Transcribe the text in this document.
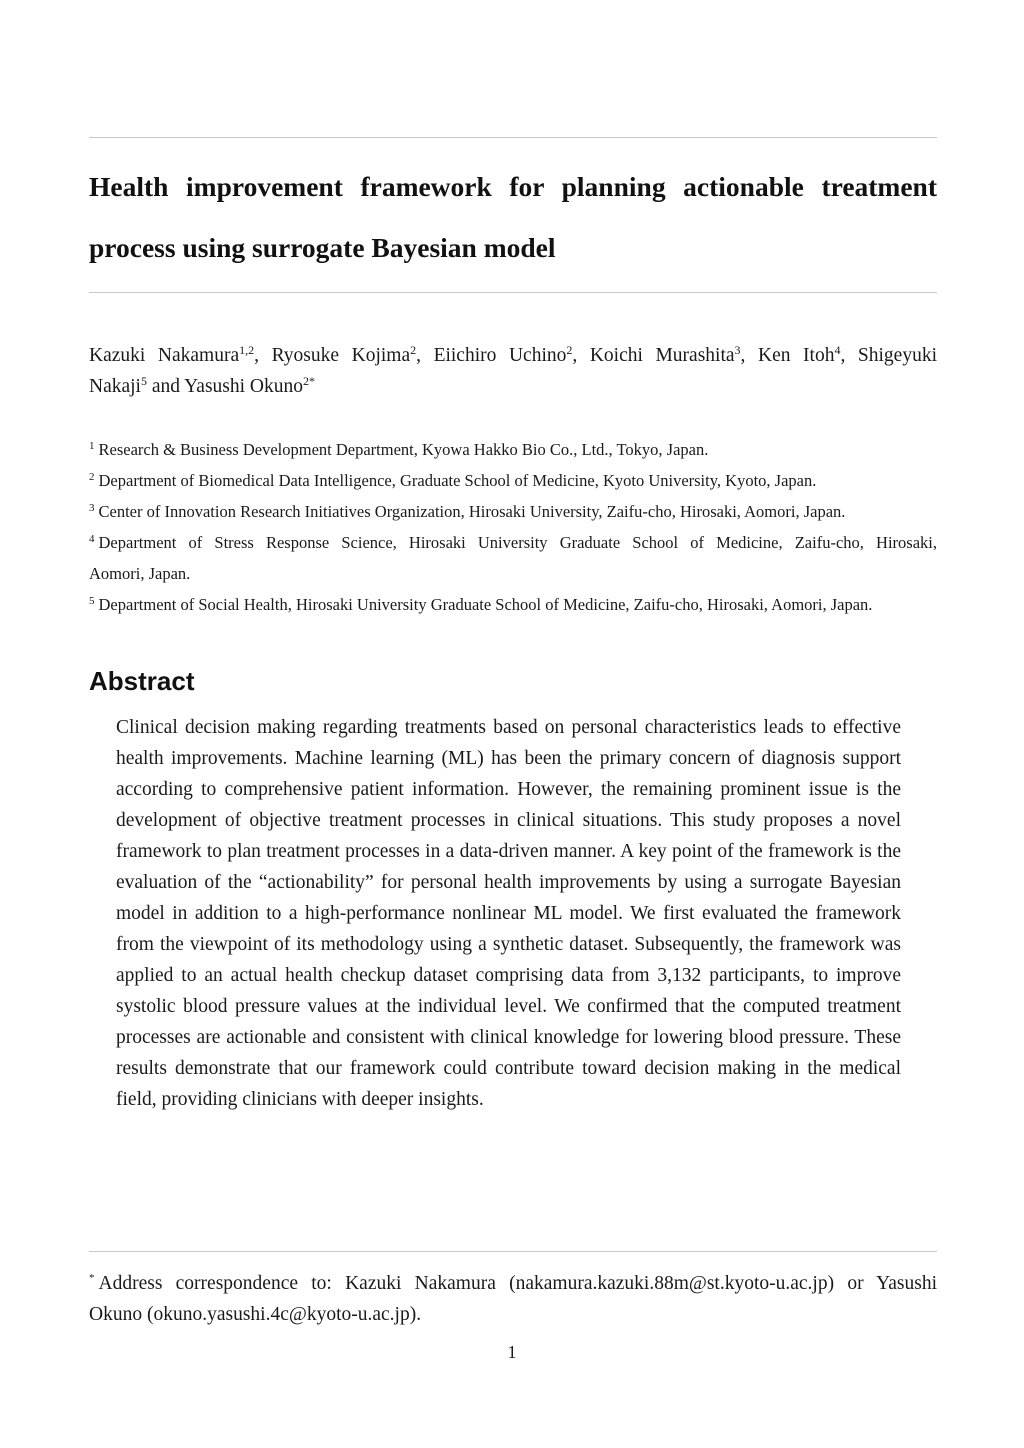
Health improvement framework for planning actionable treatment
process using surrogate Bayesian model
Kazuki Nakamura$^{1,2}$, Ryosuke Kojima$^2$, Eiichiro Uchino$^2$, Koichi Murashita$^3$, Ken Itoh$^4$, Shigeyuki
Nakaji$^5$ and Yasushi Okuno$^{2*}$
$^1$ Research & Business Development Department, Kyowa Hakko Bio Co., Ltd., Tokyo, Japan.
$^2$ Department of Biomedical Data Intelligence, Graduate School of Medicine, Kyoto University, Kyoto, Japan.
$^3$ Center of Innovation Research Initiatives Organization, Hirosaki University, Zaifu-cho, Hirosaki, Aomori, Japan.
$^4$ Department of Stress Response Science, Hirosaki University Graduate School of Medicine, Zaifu-cho, Hirosaki,
Aomori, Japan.
$^5$ Department of Social Health, Hirosaki University Graduate School of Medicine, Zaifu-cho, Hirosaki, Aomori, Japan.
Abstract

Clinical decision making regarding treatments based on personal characteristics leads to effective health improvements. Machine learning (ML) has been the primary concern of diagnosis support according to comprehensive patient information. However, the remaining prominent issue is the development of objective treatment processes in clinical situations. This study proposes a novel framework to plan treatment processes in a data-driven manner. A key point of the framework is the evaluation of the “actionability” for personal health improvements by using a surrogate Bayesian model in addition to a high-performance nonlinear ML model. We first evaluated the framework from the viewpoint of its methodology using a synthetic dataset. Subsequently, the framework was applied to an actual health checkup dataset comprising data from 3,132 participants, to improve systolic blood pressure values at the individual level. We confirmed that the computed treatment processes are actionable and consistent with clinical knowledge for lowering blood pressure. These results demonstrate that our framework could contribute toward decision making in the medical field, providing clinicians with deeper insights.

* Address correspondence to: Kazuki Nakamura (nakamura.kazuki.88m@st.kyoto-u.ac.jp) or Yasushi
Okuno (okuno.yasushi.4c@kyoto-u.ac.jp).
1
